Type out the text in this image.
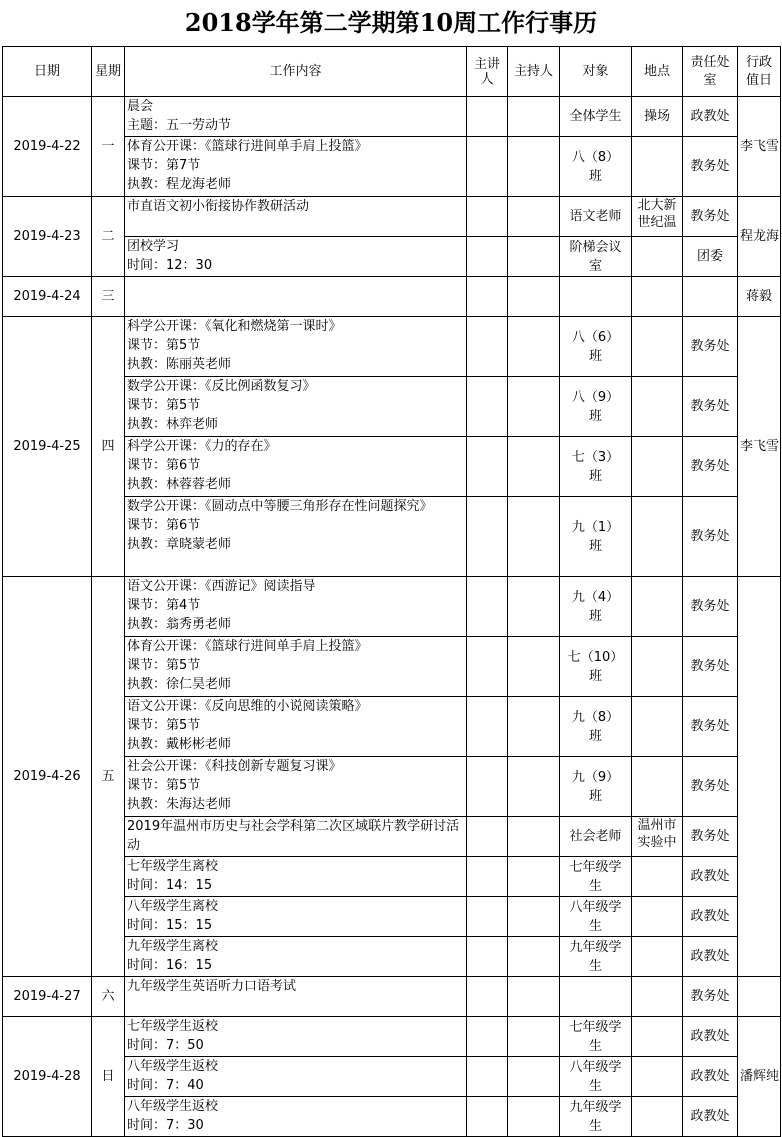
2018学年第二学期第10周工作行事历
日期	星期	工作内容	主讲人	主持人	对象	地点	责任处室	行政值日
2019-4-22	一	晨会
主题：五一劳动节			全体学生	操场	政教处	李飞雪

		体育公开课：《篮球行进间单手肩上投篮》
课节：第7节
执教：程龙海老师			八（8）班		教务处	
2019-4-23	二	市直语文初小衔接协作教研活动			语文老师	北大新世纪温	教务处	程龙海

		团校学习
时间：12：30			阶梯会议室		团委	
2019-4-24	三							蒋毅
2019-4-25	四	科学公开课：《氧化和燃烧第一课时》
课节：第5节
执教：陈丽英老师			八（6）班		教务处	李飞雪

		数学公开课：《反比例函数复习》
课节：第5节
执教：林弈老师			八（9）班		教务处	

		科学公开课：《力的存在》
课节：第6节
执教：林蓉蓉老师			七（3）班		教务处	

		数学公开课：《圆动点中等腰三角形存在性问题探究》
课节：第6节
执教：章晓蒙老师			九（1）班		教务处	
2019-4-26	五	语文公开课：《西游记》阅读指导
课节：第4节
执教：翁秀勇老师			九（4）班		教务处	

		体育公开课：《篮球行进间单手肩上投篮》
课节：第5节
执教：徐仁昊老师			七（10）班		教务处	

		语文公开课：《反向思维的小说阅读策略》
课节：第5节
执教：戴彬彬老师			九（8）班		教务处	

		社会公开课：《科技创新专题复习课》
课节：第5节
执教：朱海达老师			九（9）班		教务处	

		2019年温州市历史与社会学科第二次区域联片教学研讨活动			社会老师	温州市实验中	教务处	

		七年级学生离校
时间：14：15			七年级学生		政教处	

		八年级学生离校
时间：15：15			八年级学生		政教处	

		九年级学生离校
时间：16：15			九年级学生		政教处	
2019-4-27	六	九年级学生英语听力口语考试					教务处	
2019-4-28	日	七年级学生返校
时间：7：50			七年级学生		政教处	潘辉纯

		八年级学生返校
时间：7：40			八年级学生		政教处	

		八年级学生返校
时间：7：30			九年级学生		政教处	
